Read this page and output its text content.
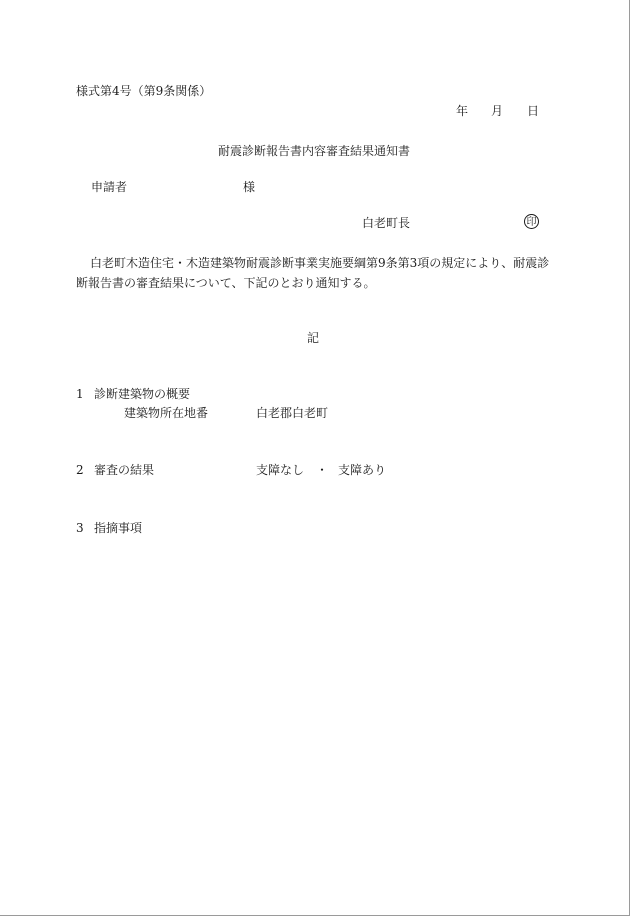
様式第4号（第9条関係）
年 月 日
耐震診断報告書内容審査結果通知書
申請者	様
白老町長	印
白老町木造住宅・木造建築物耐震診断事業実施要綱第9条第3項の規定により、耐震診断報告書の審査結果について、下記のとおり通知する。
記
1 診断建築物の概要
建築物所在地番	白老郡白老町
2 審査の結果	支障なし ・ 支障あり
3 指摘事項
